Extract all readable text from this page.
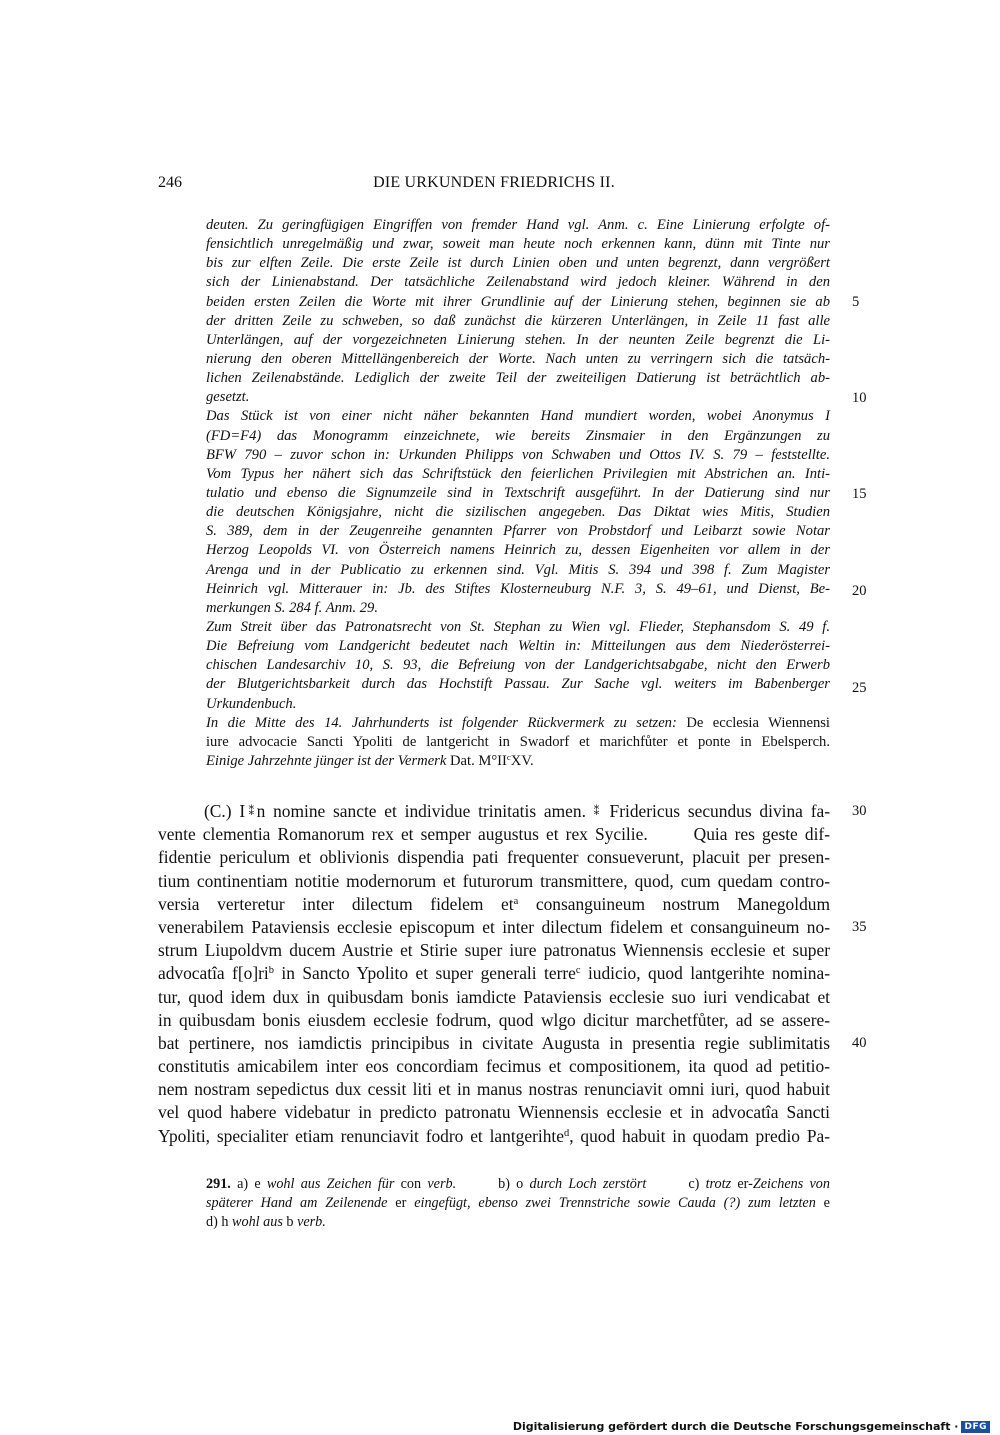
246	DIE URKUNDEN FRIEDRICHS II.
deuten. Zu geringfügigen Eingriffen von fremder Hand vgl. Anm. c. Eine Linierung erfolgte of-
fensichtlich unregelmäßig und zwar, soweit man heute noch erkennen kann, dünn mit Tinte nur
bis zur elften Zeile. Die erste Zeile ist durch Linien oben und unten begrenzt, dann vergrößert
sich der Linienabstand. Der tatsächliche Zeilenabstand wird jedoch kleiner. Während in den
beiden ersten Zeilen die Worte mit ihrer Grundlinie auf der Linierung stehen, beginnen sie ab
der dritten Zeile zu schweben, so daß zunächst die kürzeren Unterlängen, in Zeile 11 fast alle
Unterlängen, auf der vorgezeichneten Linierung stehen. In der neunten Zeile begrenzt die Li-
nierung den oberen Mittellängenbereich der Worte. Nach unten zu verringern sich die tatsäch-
lichen Zeilenabstände. Lediglich der zweite Teil der zweiteiligen Datierung ist beträchtlich ab-
gesetzt.
Das Stück ist von einer nicht näher bekannten Hand mundiert worden, wobei Anonymus I
(FD=F4) das Monogramm einzeichnete, wie bereits Zinsmaier in den Ergänzungen zu
BFW 790 – zuvor schon in: Urkunden Philipps von Schwaben und Ottos IV. S. 79 – feststellte.
Vom Typus her nähert sich das Schriftstück den feierlichen Privilegien mit Abstrichen an. Inti-
tulatio und ebenso die Signumzeile sind in Textschrift ausgeführt. In der Datierung sind nur
die deutschen Königsjahre, nicht die sizilischen angegeben. Das Diktat wies Mitis, Studien
S. 389, dem in der Zeugenreihe genannten Pfarrer von Probstdorf und Leibarzt sowie Notar
Herzog Leopolds VI. von Österreich namens Heinrich zu, dessen Eigenheiten vor allem in der
Arenga und in der Publicatio zu erkennen sind. Vgl. Mitis S. 394 und 398 f. Zum Magister
Heinrich vgl. Mitterauer in: Jb. des Stiftes Klosterneuburg N.F. 3, S. 49–61, und Dienst, Be-
merkungen S. 284 f. Anm. 29.
Zum Streit über das Patronatsrecht von St. Stephan zu Wien vgl. Flieder, Stephansdom S. 49 f.
Die Befreiung vom Landgericht bedeutet nach Weltin in: Mitteilungen aus dem Niederösterrei-
chischen Landesarchiv 10, S. 93, die Befreiung von der Landgerichtsabgabe, nicht den Erwerb
der Blutgerichtsbarkeit durch das Hochstift Passau. Zur Sache vgl. weiters im Babenberger
Urkundenbuch.
In die Mitte des 14. Jahrhunderts ist folgender Rückvermerk zu setzen: De ecclesia Wiennensi
iure advocacie Sancti Ypoliti de lantgericht in Swadorf et marichfůter et ponte in Ebelsperch.
Einige Jahrzehnte jünger ist der Vermerk Dat. $M^\circ II^cXV$.
(C.) I⁑n nomine sancte et individue trinitatis amen. ⁑ Fridericus secundus divina fa-
vente clementia Romanorum rex et semper augustus et rex Sycilie.	Quia res geste dif-
fidentie periculum et oblivionis dispendia pati frequenter consueverunt, placuit per presen-
tium continentiam notitie modernorum et futurorum transmittere, quod, cum quedam contro-
versia verteretur inter dilectum fidelem $et^a$ consanguineum nostrum Manegoldum
venerabilem Pataviensis ecclesie episcopum et inter dilectum fidelem et consanguineum no-
strum Liupoldvm ducem Austrie et Stirie super iure patronatus Wiennensis ecclesie et super
advocatîa $f[o]ri^b$ in Sancto Ypolito et super generali terre$^c$ iudicio, quod lantgerihte nomina-
tur, quod idem dux in quibusdam bonis iamdicte Pataviensis ecclesie suo iuri vendicabat et
in quibusdam bonis eiusdem ecclesie fodrum, quod wlgo dicitur marchetfůter, ad se assere-
bat pertinere, nos iamdictis principibus in civitate Augusta in presentia regie sublimitatis
constitutis amicabilem inter eos concordiam fecimus et compositionem, ita quod ad petitio-
nem nostram sepedictus dux cessit liti et in manus nostras renunciavit omni iuri, quod habuit
vel quod habere videbatur in predicto patronatu Wiennensis ecclesie et in advocatîa Sancti
Ypoliti, specialiter etiam renunciavit fodro et lantgerihte$^d$, quod habuit in quodam predio Pa-
5
10
15
20
25
30
35
40
291. a) e wohl aus Zeichen für con verb.	b) o durch Loch zerstört	c) trotz er-Zeichens von
späterer Hand am Zeilenende er eingefügt, ebenso zwei Trennstriche sowie Cauda (?) zum letzten e
d) h wohl aus b verb.
Digitalisierung gefördert durch die Deutsche Forschungsgemeinschaft · DFG
